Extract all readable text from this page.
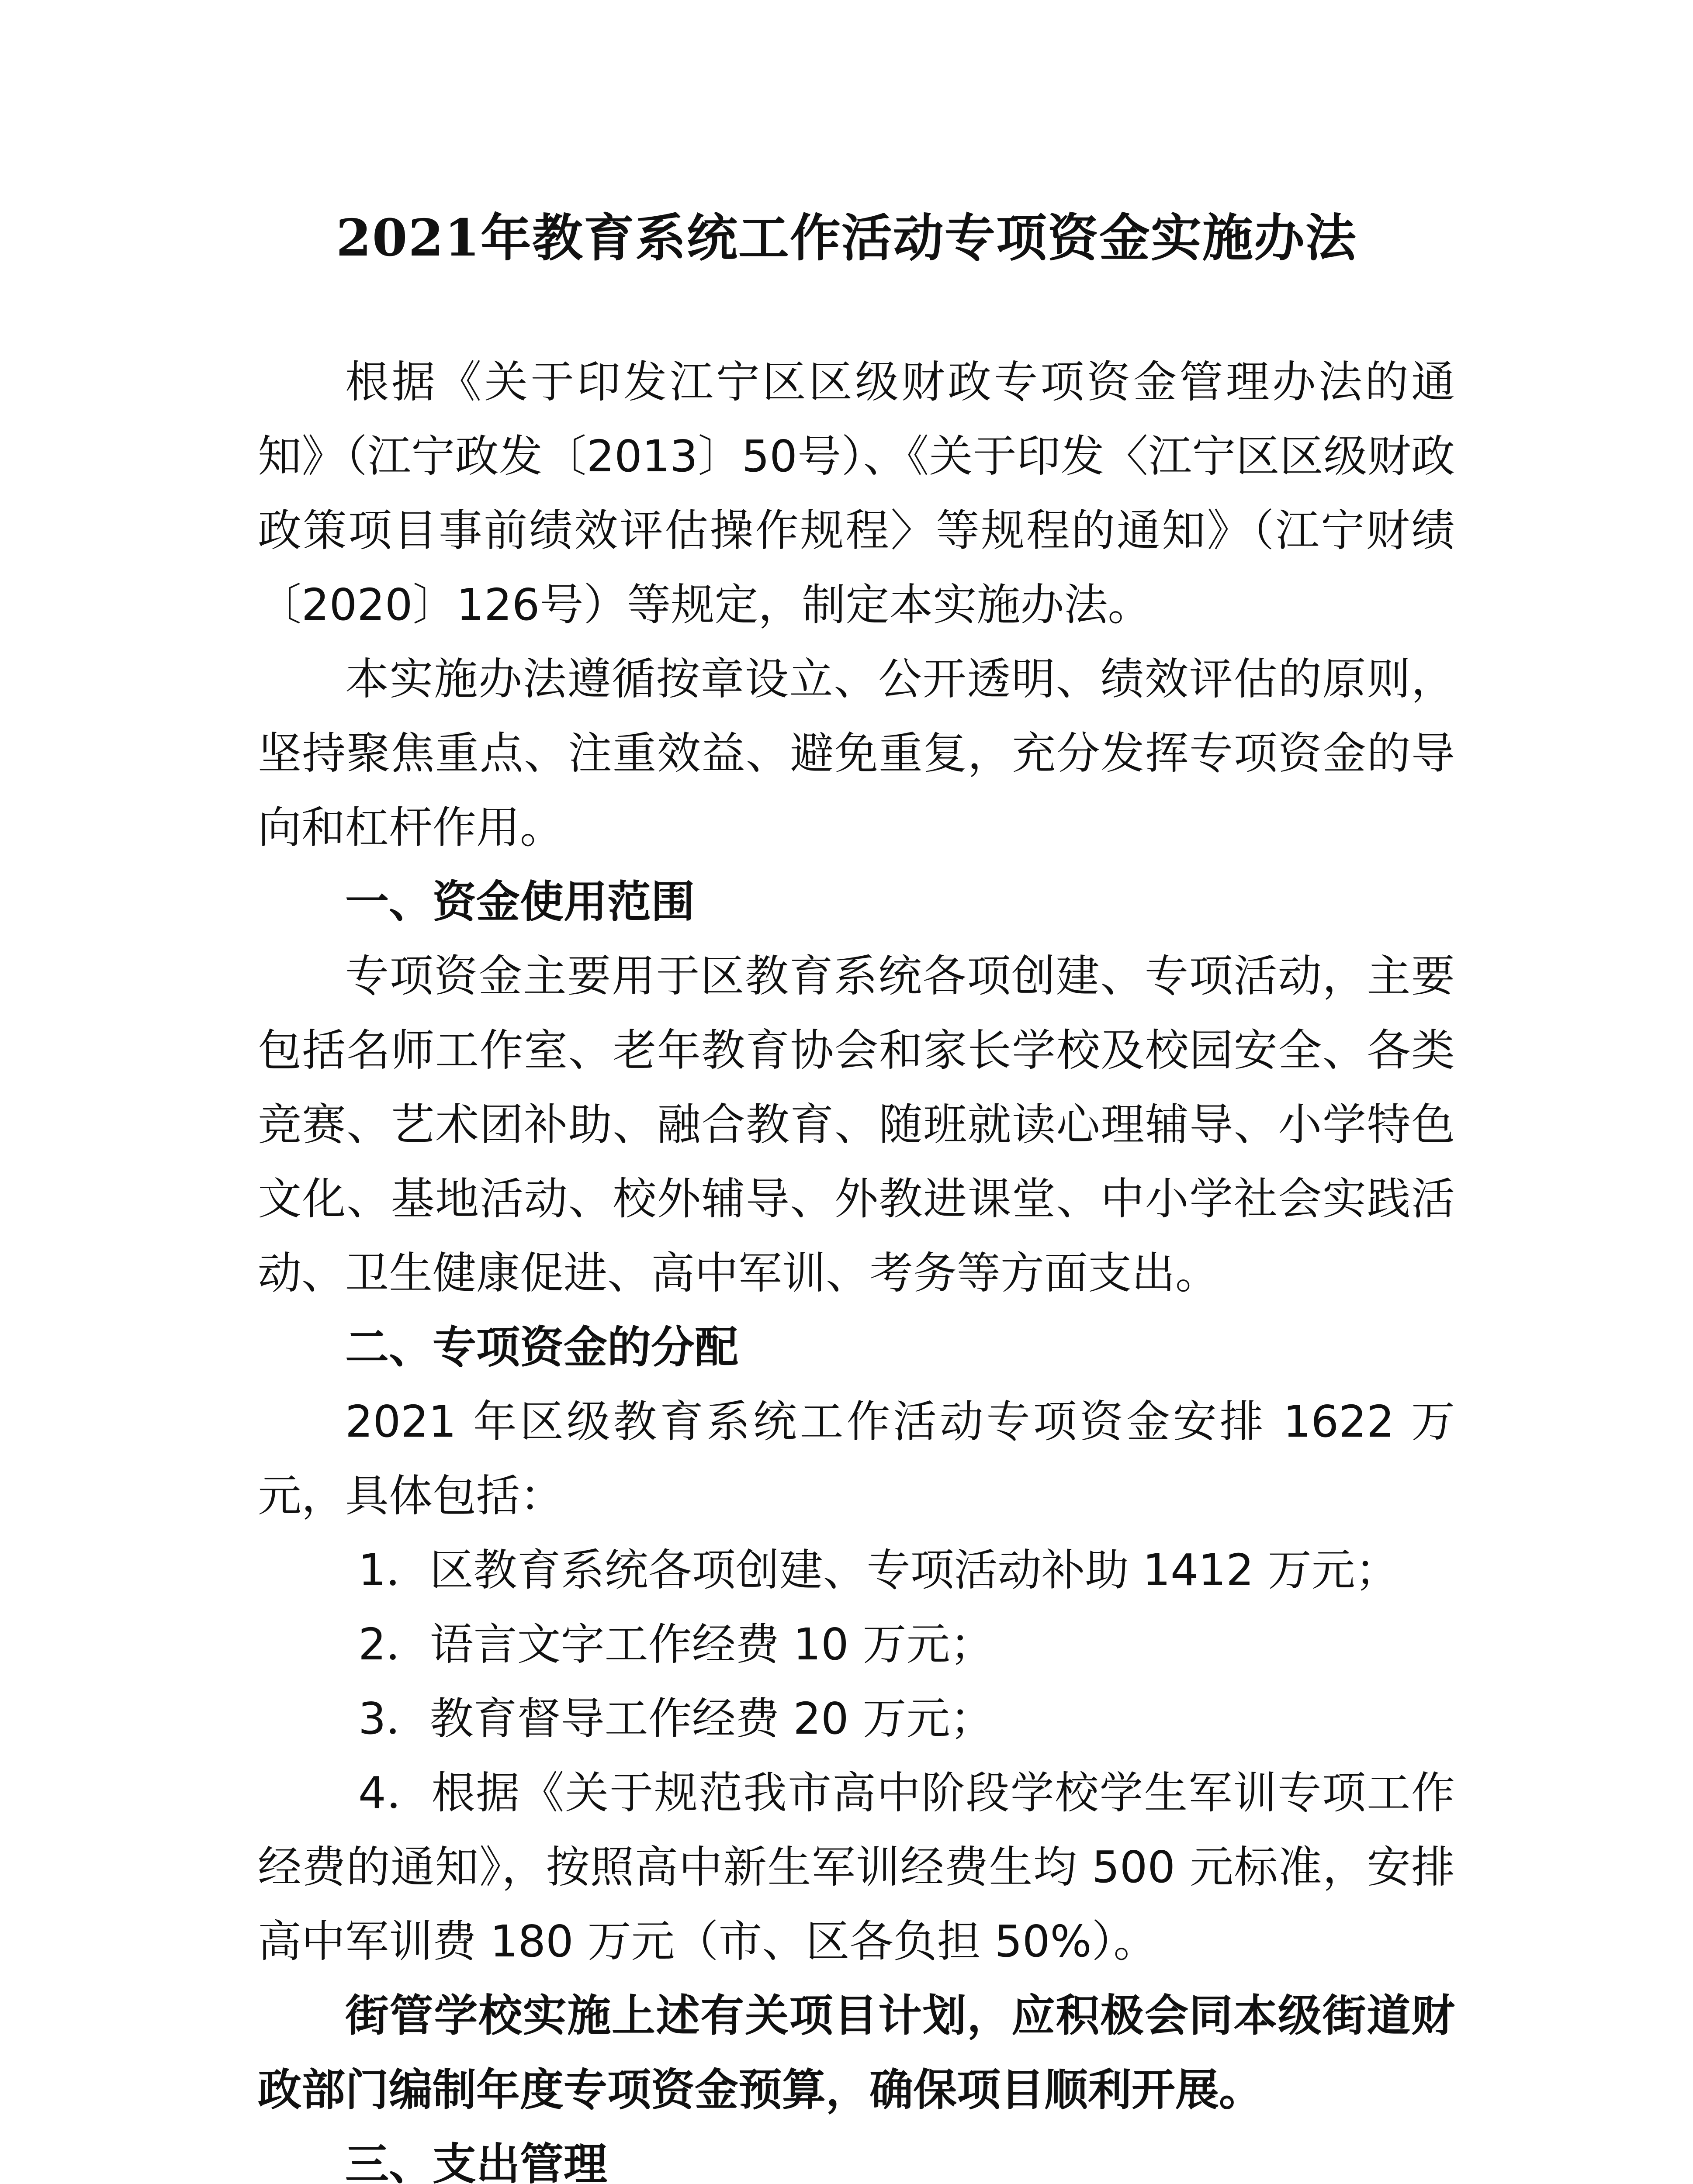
2021年教育系统工作活动专项资金实施办法

根据《关于印发江宁区区级财政专项资金管理办法的通知》（江宁政发〔2013〕50号）、《关于印发〈江宁区区级财政政策项目事前绩效评估操作规程〉等规程的通知》（江宁财绩〔2020〕126号）等规定，制定本实施办法。

本实施办法遵循按章设立、公开透明、绩效评估的原则，坚持聚焦重点、注重效益、避免重复，充分发挥专项资金的导向和杠杆作用。

一、资金使用范围

专项资金主要用于区教育系统各项创建、专项活动，主要包括名师工作室、老年教育协会和家长学校及校园安全、各类竞赛、艺术团补助、融合教育、随班就读心理辅导、小学特色文化、基地活动、校外辅导、外教进课堂、中小学社会实践活动、卫生健康促进、高中军训、考务等方面支出。

二、专项资金的分配

2021 年区级教育系统工作活动专项资金安排 1622 万元，具体包括：

1．区教育系统各项创建、专项活动补助 1412 万元；

2．语言文字工作经费 10 万元；

3．教育督导工作经费 20 万元；

4．根据《关于规范我市高中阶段学校学生军训专项工作经费的通知》，按照高中新生军训经费生均 500 元标准，安排高中军训费 180 万元（市、区各负担 50%）。

街管学校实施上述有关项目计划，应积极会同本级街道财政部门编制年度专项资金预算，确保项目顺利开展。

三、支出管理
